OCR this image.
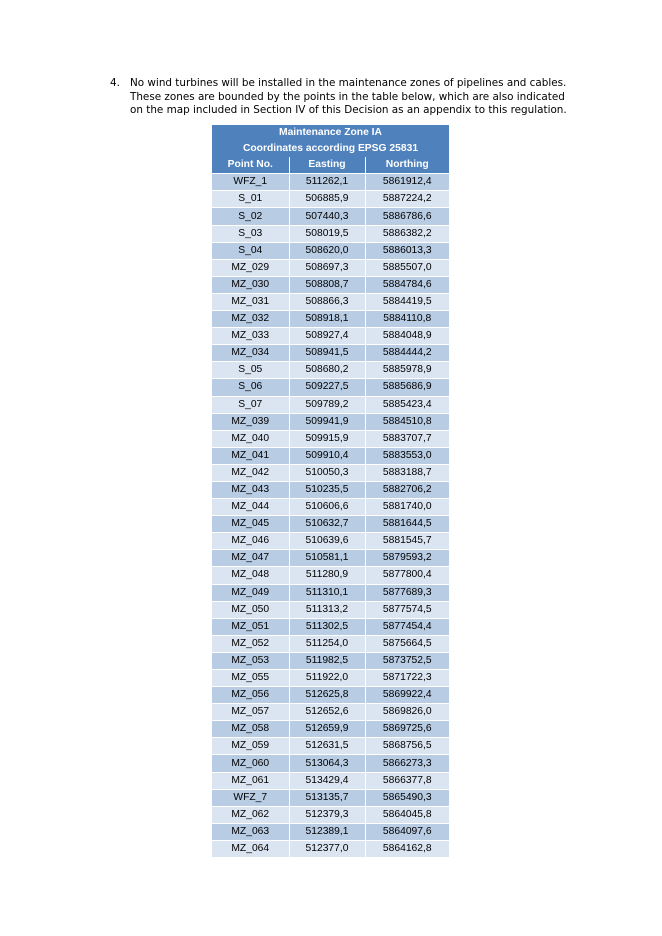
4. No wind turbines will be installed in the maintenance zones of pipelines and cables. These zones are bounded by the points in the table below, which are also indicated on the map included in Section IV of this Decision as an appendix to this regulation.
Maintenance Zone IA		
Coordinates according EPSG 25831		
Point No.	Easting	Northing
WFZ_1	511262,1	5861912,4
S_01	506885,9	5887224,2
S_02	507440,3	5886786,6
S_03	508019,5	5886382,2
S_04	508620,0	5886013,3
MZ_029	508697,3	5885507,0
MZ_030	508808,7	5884784,6
MZ_031	508866,3	5884419,5
MZ_032	508918,1	5884110,8
MZ_033	508927,4	5884048,9
MZ_034	508941,5	5884444,2
S_05	508680,2	5885978,9
S_06	509227,5	5885686,9
S_07	509789,2	5885423,4
MZ_039	509941,9	5884510,8
MZ_040	509915,9	5883707,7
MZ_041	509910,4	5883553,0
MZ_042	510050,3	5883188,7
MZ_043	510235,5	5882706,2
MZ_044	510606,6	5881740,0
MZ_045	510632,7	5881644,5
MZ_046	510639,6	5881545,7
MZ_047	510581,1	5879593,2
MZ_048	511280,9	5877800,4
MZ_049	511310,1	5877689,3
MZ_050	511313,2	5877574,5
MZ_051	511302,5	5877454,4
MZ_052	511254,0	5875664,5
MZ_053	511982,5	5873752,5
MZ_055	511922,0	5871722,3
MZ_056	512625,8	5869922,4
MZ_057	512652,6	5869826,0
MZ_058	512659,9	5869725,6
MZ_059	512631,5	5868756,5
MZ_060	513064,3	5866273,3
MZ_061	513429,4	5866377,8
WFZ_7	513135,7	5865490,3
MZ_062	512379,3	5864045,8
MZ_063	512389,1	5864097,6
MZ_064	512377,0	5864162,8
